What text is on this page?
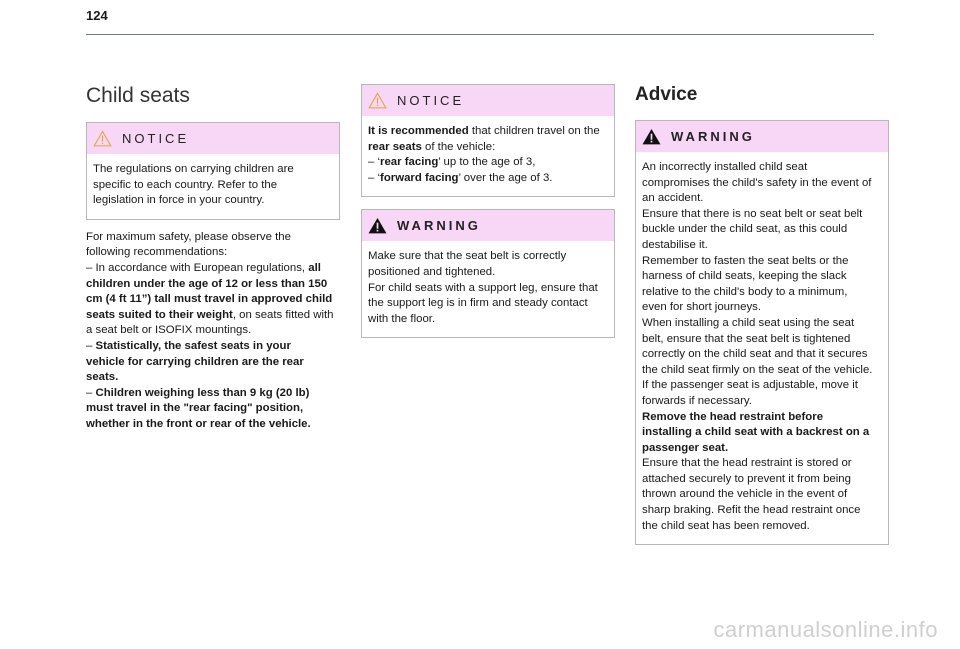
124
Child seats
NOTICE

The regulations on carrying children are

specific to each country. Refer to the

legislation in force in your country.

For maximum safety, please observe the

following recommendations:

– In accordance with European regulations, all

children under the age of 12 or less than 150

cm (4 ft 11”) tall must travel in approved child

seats suited to their weight, on seats fitted with

a seat belt or ISOFIX mountings.

– Statistically, the safest seats in your

vehicle for carrying children are the rear

seats.

– Children weighing less than 9 kg (20 lb)

must travel in the "rear facing" position,

whether in the front or rear of the vehicle.

NOTICE

It is recommended that children travel on the

rear seats of the vehicle:

– ‘rear facing’ up to the age of 3,

– ‘forward facing’ over the age of 3.

WARNING

Make sure that the seat belt is correctly

positioned and tightened.

For child seats with a support leg, ensure that

the support leg is in firm and steady contact

with the floor.

Advice
WARNING

An incorrectly installed child seat

compromises the child's safety in the event of

an accident.

Ensure that there is no seat belt or seat belt

buckle under the child seat, as this could

destabilise it.

Remember to fasten the seat belts or the

harness of child seats, keeping the slack

relative to the child's body to a minimum,

even for short journeys.

When installing a child seat using the seat

belt, ensure that the seat belt is tightened

correctly on the child seat and that it secures

the child seat firmly on the seat of the vehicle.

If the passenger seat is adjustable, move it

forwards if necessary.

Remove the head restraint before

installing a child seat with a backrest on a

passenger seat.

Ensure that the head restraint is stored or

attached securely to prevent it from being

thrown around the vehicle in the event of

sharp braking. Refit the head restraint once

the child seat has been removed.

carmanualsonline.info
